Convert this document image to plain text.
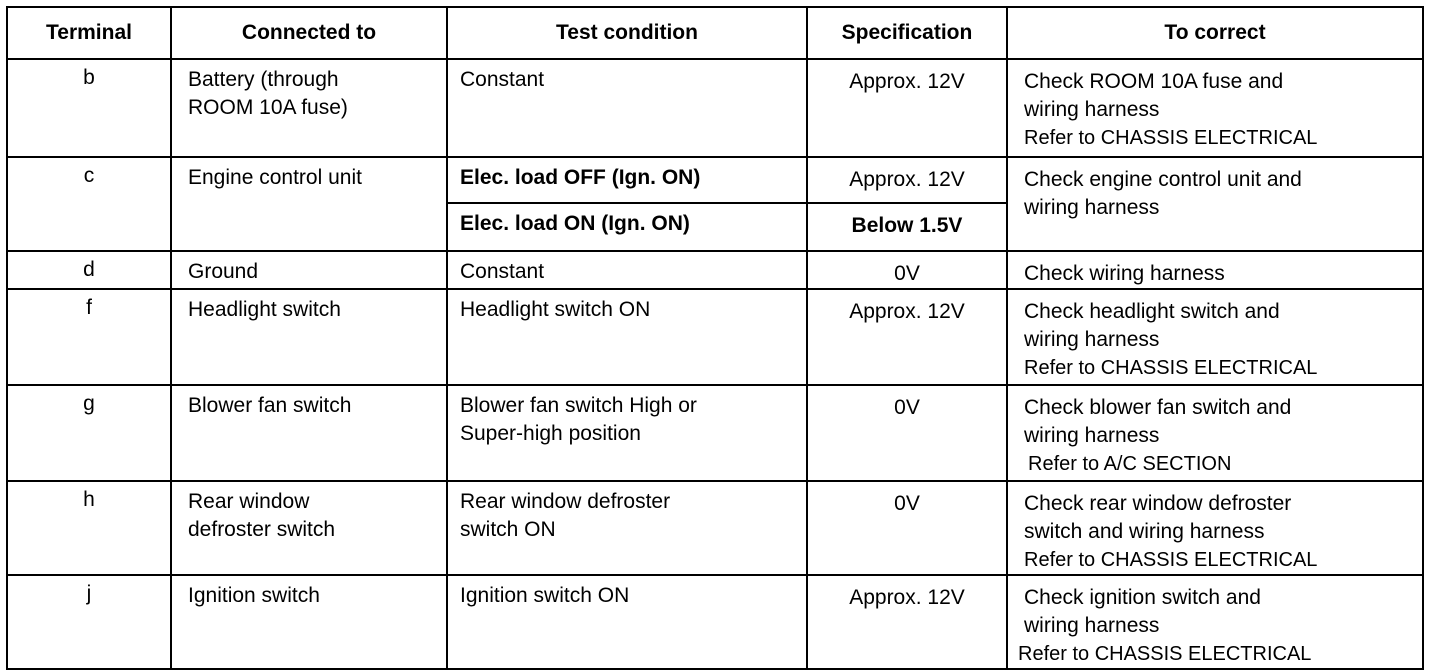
Terminal	Connected to	Test condition	Specification	To correct
b	Battery (through
ROOM 10A fuse)	Constant	Approx. 12V	Check ROOM 10A fuse and
wiring harness
Refer to CHASSIS ELECTRICAL

c	Engine control unit	Elec. load OFF (Ign. ON)	Approx. 12V	Check engine control unit and
wiring harness

		Elec. load ON (Ign. ON)	Below 1.5V	
d	Ground	Constant	0V	Check wiring harness

f	Headlight switch	Headlight switch ON	Approx. 12V	Check headlight switch and
wiring harness
Refer to CHASSIS ELECTRICAL

g	Blower fan switch	Blower fan switch High or
Super-high position	0V	Check blower fan switch and
wiring harness
Refer to A/C SECTION

h	Rear window
defroster switch	Rear window defroster
switch ON	0V	Check rear window defroster
switch and wiring harness
Refer to CHASSIS ELECTRICAL

j	Ignition switch	Ignition switch ON	Approx. 12V	Check ignition switch and
wiring harness
Refer to CHASSIS ELECTRICAL
